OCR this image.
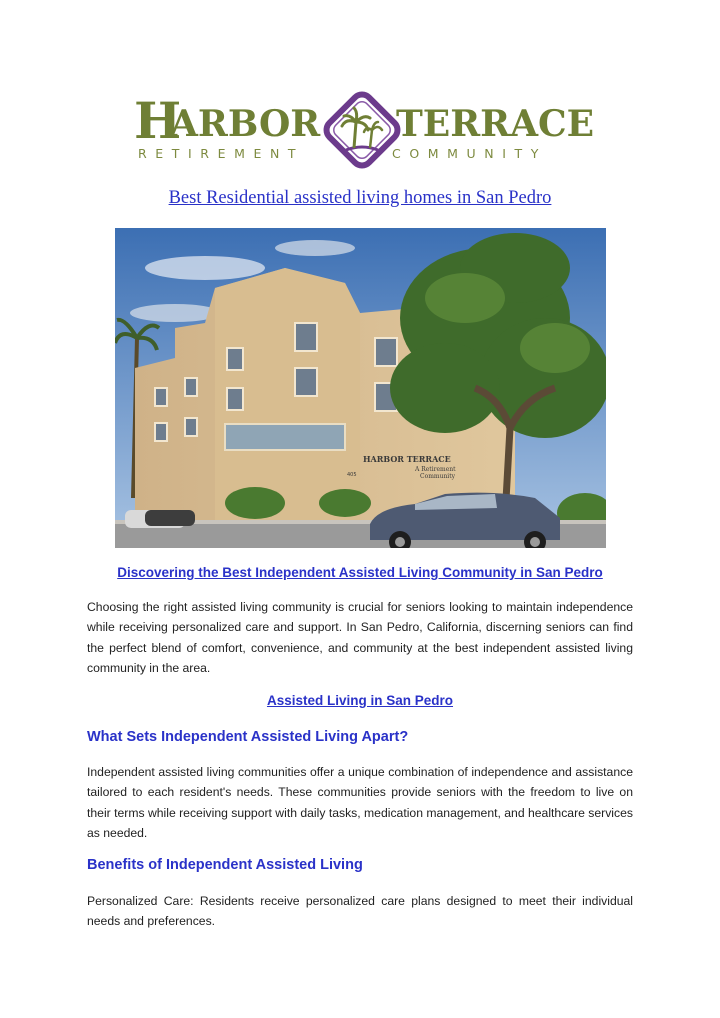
H
ARBOR TERRACE
RETIREMENT	COMMUNITY
Best Residential assisted living homes in San Pedro
HARBOR TERRACE
A Retirement
Community
405
Discovering the Best Independent Assisted Living Community in San Pedro

Choosing the right assisted living community is crucial for seniors looking to maintain independence while receiving personalized care and support. In San Pedro, California, discerning seniors can find the perfect blend of comfort, convenience, and community at the best independent assisted living community in the area.

Assisted Living in San Pedro
What Sets Independent Assisted Living Apart?

Independent assisted living communities offer a unique combination of independence and assistance tailored to each resident's needs. These communities provide seniors with the freedom to live on their terms while receiving support with daily tasks, medication management, and healthcare services as needed.

Benefits of Independent Assisted Living

Personalized Care: Residents receive personalized care plans designed to meet their individual needs and preferences.
